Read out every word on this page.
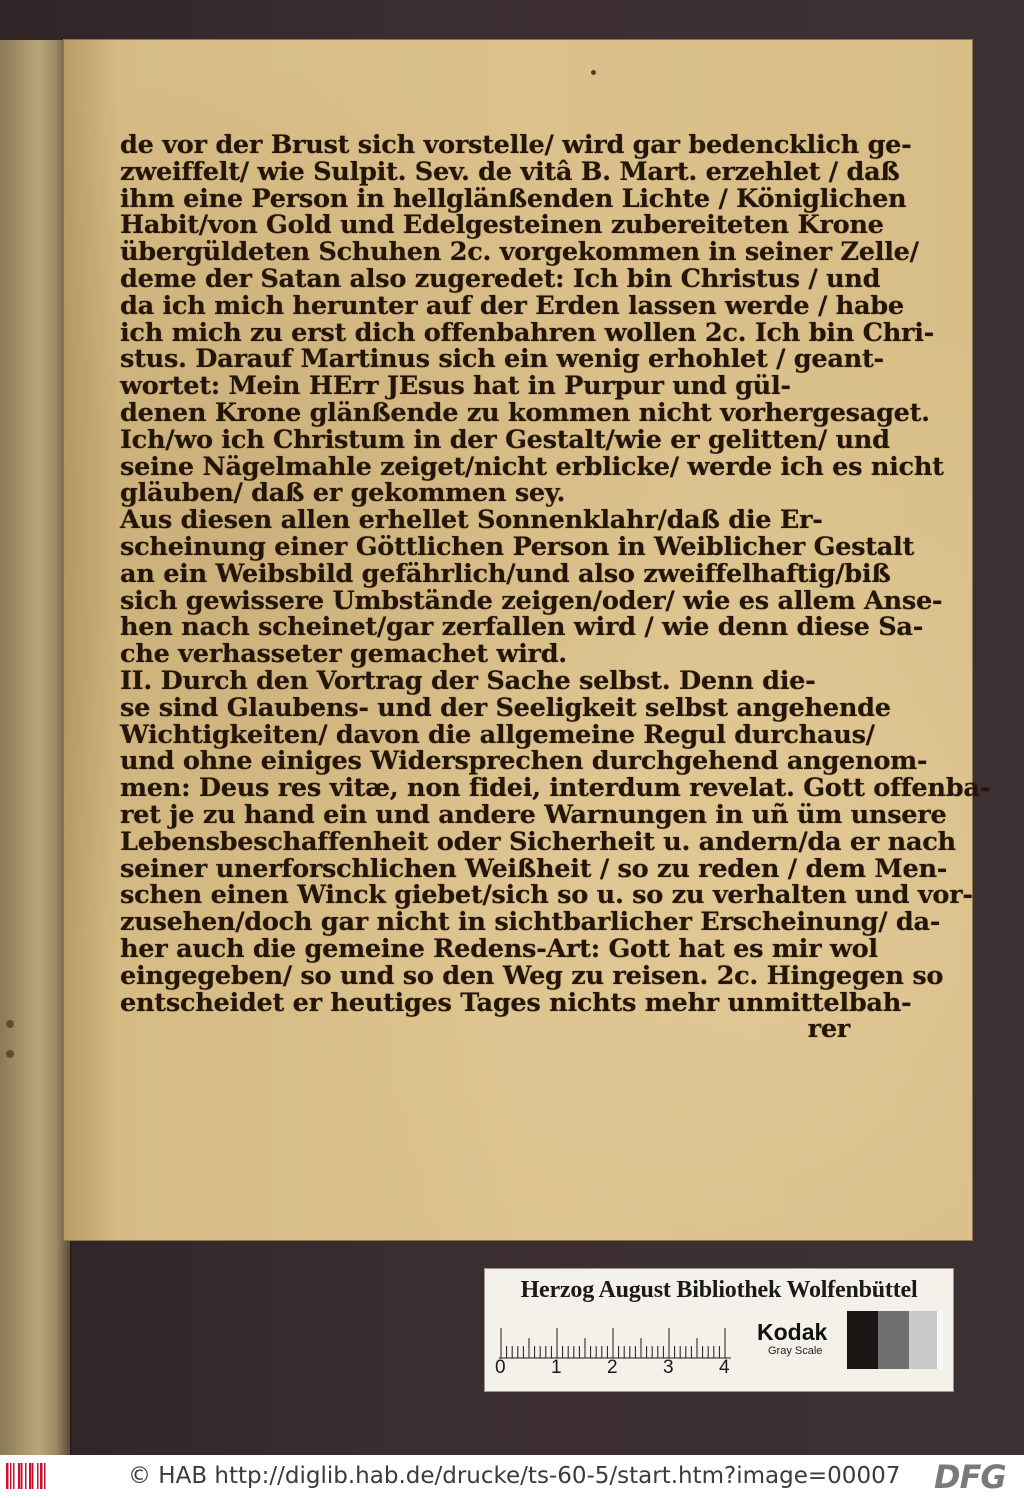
de vor der Brust sich vorstelle/ wird gar bedencklich ge-
zweiffelt/ wie Sulpit. Sev. de vitâ B. Mart. erzehlet / daß
ihm eine Person in hellglänßenden Lichte / Königlichen
Habit/von Gold und Edelgesteinen zubereiteten Krone
übergüldeten Schuhen 2c. vorgekommen in seiner Zelle/
deme der Satan also zugeredet: Ich bin Christus / und
da ich mich herunter auf der Erden lassen werde / habe
ich mich zu erst dich offenbahren wollen 2c. Ich bin Chri-
stus. Darauf Martinus sich ein wenig erhohlet / geant-
wortet: Mein HErr JEsus hat in Purpur und gül-
denen Krone glänßende zu kommen nicht vorhergesaget.
Ich/wo ich Christum in der Gestalt/wie er gelitten/ und
seine Nägelmahle zeiget/nicht erblicke/ werde ich es nicht
gläuben/ daß er gekommen sey.
Aus diesen allen erhellet Sonnenklahr/daß die Er-
scheinung einer Göttlichen Person in Weiblicher Gestalt
an ein Weibsbild gefährlich/und also zweiffelhaftig/biß
sich gewissere Umbstände zeigen/oder/ wie es allem Anse-
hen nach scheinet/gar zerfallen wird / wie denn diese Sa-
che verhasseter gemachet wird.
II. Durch den Vortrag der Sache selbst. Denn die-
se sind Glaubens- und der Seeligkeit selbst angehende
Wichtigkeiten/ davon die allgemeine Regul durchaus/
und ohne einiges Widersprechen durchgehend angenom-
men: Deus res vitæ, non fidei, interdum revelat. Gott offenba-
ret je zu hand ein und andere Warnungen in uñ üm unsere
Lebensbeschaffenheit oder Sicherheit u. andern/da er nach
seiner unerforschlichen Weißheit / so zu reden / dem Men-
schen einen Winck giebet/sich so u. so zu verhalten und vor-
zusehen/doch gar nicht in sichtbarlicher Erscheinung/ da-
her auch die gemeine Redens-Art: Gott hat es mir wol
eingegeben/ so und so den Weg zu reisen. 2c. Hingegen so
entscheidet er heutiges Tages nichts mehr unmittelbah-
rer
Herzog August Bibliothek Wolfenbüttel
0 1 2 3 4
Kodak
Gray Scale
© HAB http://diglib.hab.de/drucke/ts-60-5/start.htm?image=00007	DFG
